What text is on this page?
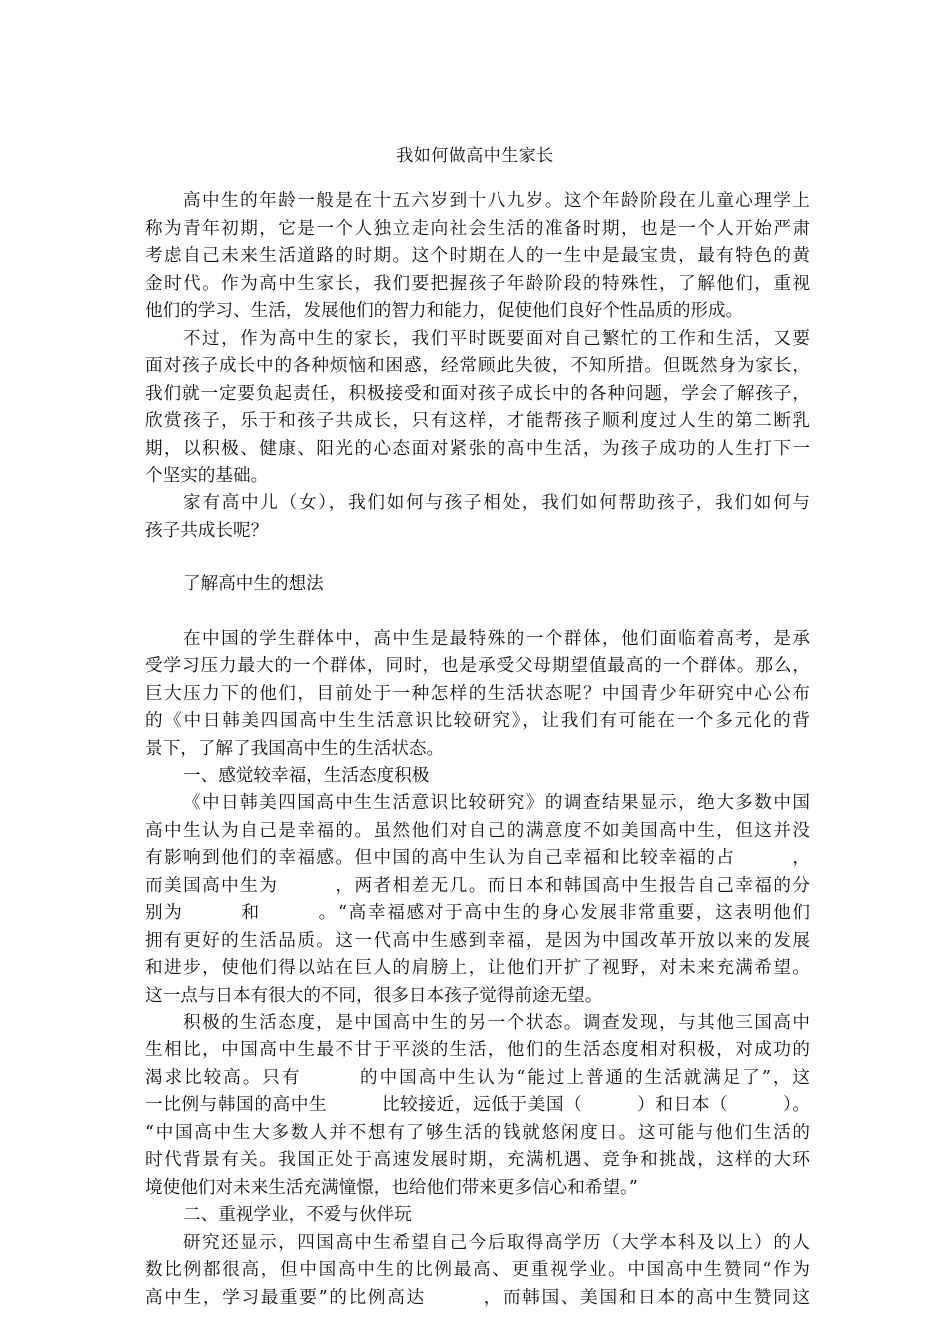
我如何做高中生家长
高中生的年龄一般是在十五六岁到十八九岁。这个年龄阶段在儿童心理学上
称为青年初期，它是一个人独立走向社会生活的准备时期，也是一个人开始严肃
考虑自己未来生活道路的时期。这个时期在人的一生中是最宝贵，最有特色的黄
金时代。作为高中生家长，我们要把握孩子年龄阶段的特殊性，了解他们，重视
他们的学习、生活，发展他们的智力和能力，促使他们良好个性品质的形成。
不过，作为高中生的家长，我们平时既要面对自己繁忙的工作和生活，又要
面对孩子成长中的各种烦恼和困惑，经常顾此失彼，不知所措。但既然身为家长，
我们就一定要负起责任，积极接受和面对孩子成长中的各种问题，学会了解孩子，
欣赏孩子，乐于和孩子共成长，只有这样，才能帮孩子顺利度过人生的第二断乳
期，以积极、健康、阳光的心态面对紧张的高中生活，为孩子成功的人生打下一
个坚实的基础。
家有高中儿（女），我们如何与孩子相处，我们如何帮助孩子，我们如何与
孩子共成长呢？
了解高中生的想法
在中国的学生群体中，高中生是最特殊的一个群体，他们面临着高考，是承
受学习压力最大的一个群体，同时，也是承受父母期望值最高的一个群体。那么，
巨大压力下的他们，目前处于一种怎样的生活状态呢？中国青少年研究中心公布
的《中日韩美四国高中生生活意识比较研究》，让我们有可能在一个多元化的背
景下，了解了我国高中生的生活状态。
一、感觉较幸福，生活态度积极
《中日韩美四国高中生生活意识比较研究》的调查结果显示，绝大多数中国
高中生认为自己是幸福的。虽然他们对自己的满意度不如美国高中生，但这并没
有影响到他们的幸福感。但中国的高中生认为自己幸福和比较幸福的占　　　，
而美国高中生为　　　，两者相差无几。而日本和韩国高中生报告自己幸福的分
别为　　　和　　　。“高幸福感对于高中生的身心发展非常重要，这表明他们
拥有更好的生活品质。这一代高中生感到幸福，是因为中国改革开放以来的发展
和进步，使他们得以站在巨人的肩膀上，让他们开扩了视野，对未来充满希望。
这一点与日本有很大的不同，很多日本孩子觉得前途无望。
积极的生活态度，是中国高中生的另一个状态。调查发现，与其他三国高中
生相比，中国高中生最不甘于平淡的生活，他们的生活态度相对积极，对成功的
渴求比较高。只有　　　的中国高中生认为“能过上普通的生活就满足了”，这
一比例与韩国的高中生　　　比较接近，远低于美国（　　　）和日本（　　　）。
“中国高中生大多数人并不想有了够生活的钱就悠闲度日。这可能与他们生活的
时代背景有关。我国正处于高速发展时期，充满机遇、竞争和挑战，这样的大环
境使他们对未来生活充满憧憬，也给他们带来更多信心和希望。”
二、重视学业，不爱与伙伴玩
研究还显示，四国高中生希望自己今后取得高学历（大学本科及以上）的人
数比例都很高，但中国高中生的比例最高、更重视学业。中国高中生赞同“作为
高中生，学习最重要”的比例高达　　　，而韩国、美国和日本的高中生赞同这
